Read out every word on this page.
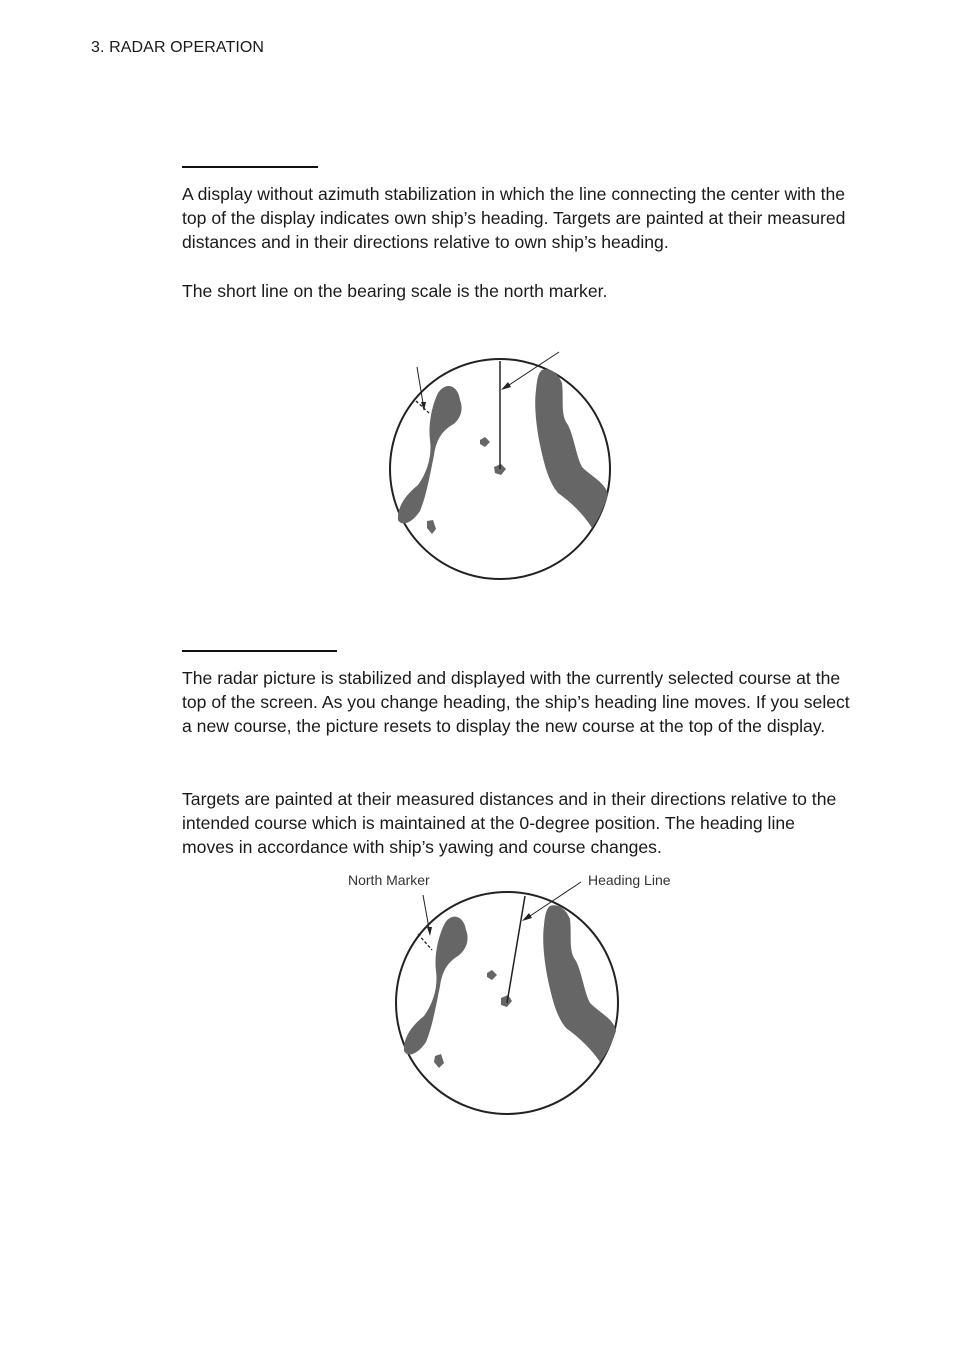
3. RADAR OPERATION

A display without azimuth stabilization in which the line connecting the center with the top of the display indicates own ship’s heading. Targets are painted at their measured distances and in their directions relative to own ship’s heading.

The short line on the bearing scale is the north marker.

The radar picture is stabilized and displayed with the currently selected course at the top of the screen. As you change heading, the ship’s heading line moves. If you select a new course, the picture resets to display the new course at the top of the display.

Targets are painted at their measured distances and in their directions relative to the intended course which is maintained at the 0-degree position. The heading line moves in accordance with ship’s yawing and course changes.

North Marker	Heading Line
